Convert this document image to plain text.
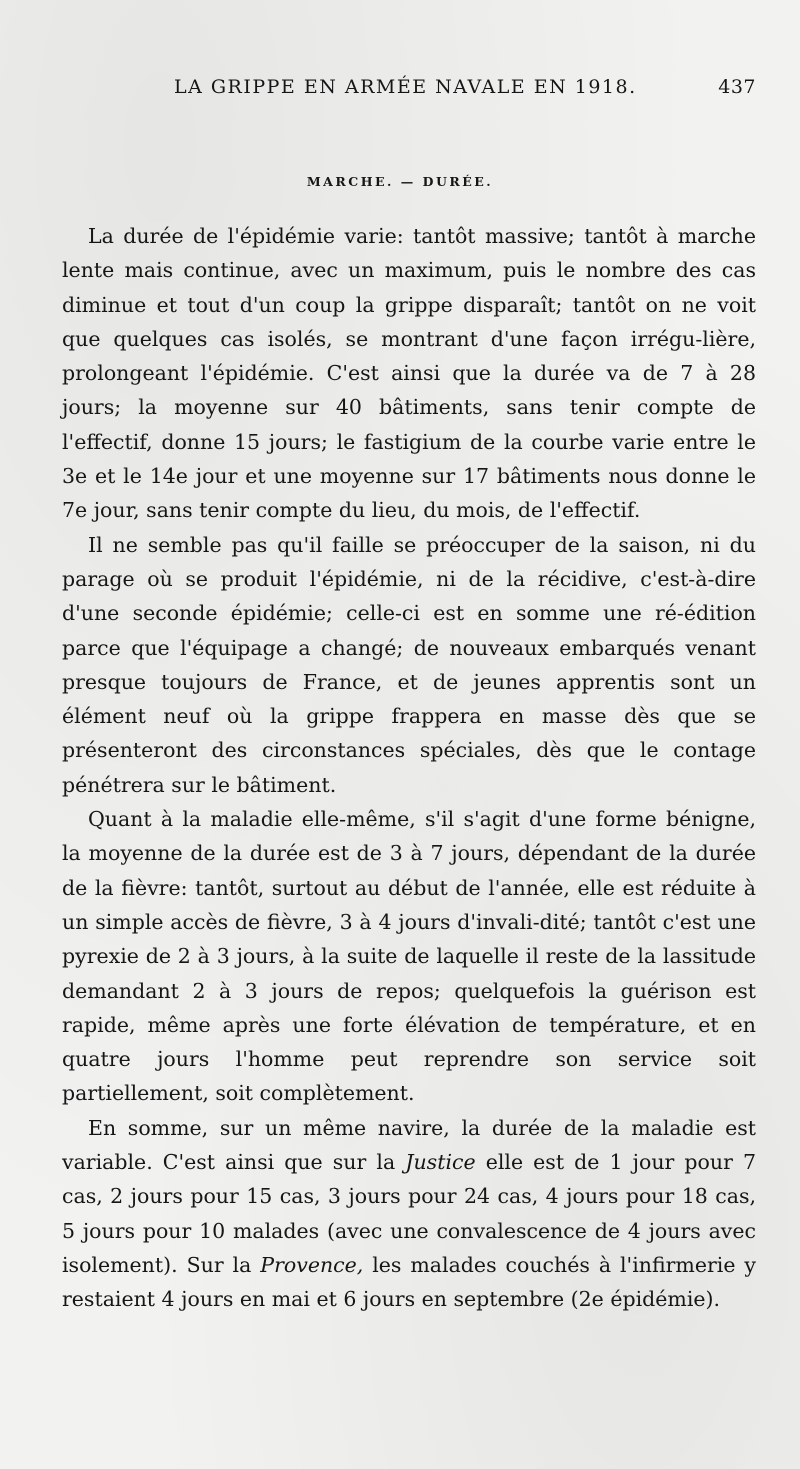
LA GRIPPE EN ARMÉE NAVALE EN 1918.	437
MARCHE. — DURÉE.

La durée de l'épidémie varie: tantôt massive; tantôt à marche lente mais continue, avec un maximum, puis le nombre des cas diminue et tout d'un coup la grippe disparaît; tantôt on ne voit que quelques cas isolés, se montrant d'une façon irrégu-lière, prolongeant l'épidémie. C'est ainsi que la durée va de 7 à 28 jours; la moyenne sur 40 bâtiments, sans tenir compte de l'effectif, donne 15 jours; le fastigium de la courbe varie entre le 3e et le 14e jour et une moyenne sur 17 bâtiments nous donne le 7e jour, sans tenir compte du lieu, du mois, de l'effectif.

Il ne semble pas qu'il faille se préoccuper de la saison, ni du parage où se produit l'épidémie, ni de la récidive, c'est-à-dire d'une seconde épidémie; celle-ci est en somme une ré-édition parce que l'équipage a changé; de nouveaux embarqués venant presque toujours de France, et de jeunes apprentis sont un élément neuf où la grippe frappera en masse dès que se présenteront des circonstances spéciales, dès que le contage pénétrera sur le bâtiment.

Quant à la maladie elle-même, s'il s'agit d'une forme bénigne, la moyenne de la durée est de 3 à 7 jours, dépendant de la durée de la fièvre: tantôt, surtout au début de l'année, elle est réduite à un simple accès de fièvre, 3 à 4 jours d'invali-dité; tantôt c'est une pyrexie de 2 à 3 jours, à la suite de laquelle il reste de la lassitude demandant 2 à 3 jours de repos; quelquefois la guérison est rapide, même après une forte élévation de température, et en quatre jours l'homme peut reprendre son service soit partiellement, soit complètement.

En somme, sur un même navire, la durée de la maladie est variable. C'est ainsi que sur la Justice elle est de 1 jour pour 7 cas, 2 jours pour 15 cas, 3 jours pour 24 cas, 4 jours pour 18 cas, 5 jours pour 10 malades (avec une convalescence de 4 jours avec isolement). Sur la Provence, les malades couchés à l'infirmerie y restaient 4 jours en mai et 6 jours en septembre (2e épidémie).
